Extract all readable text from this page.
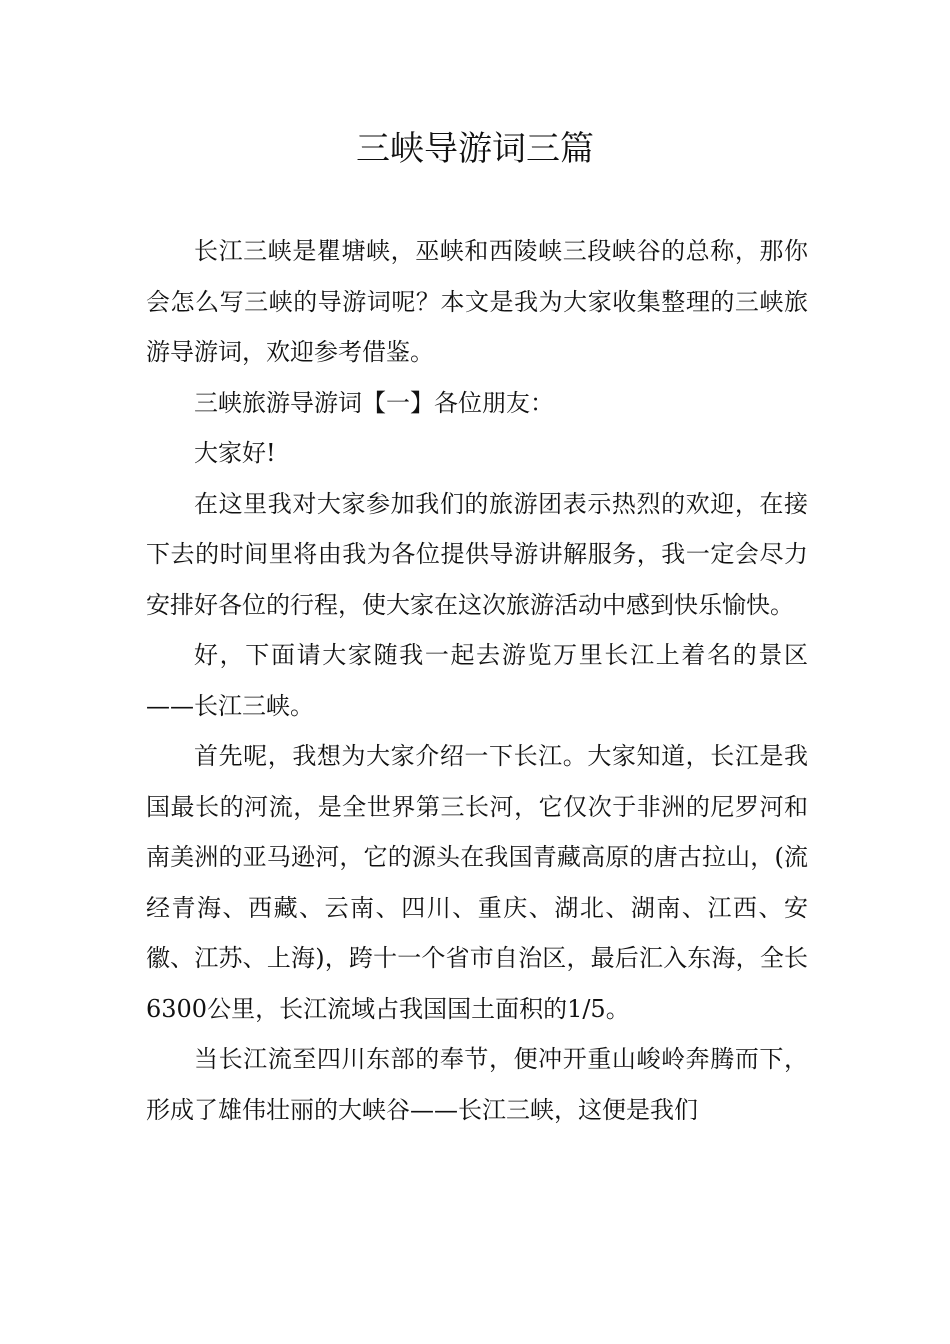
三峡导游词三篇

长江三峡是瞿塘峡，巫峡和西陵峡三段峡谷的总称，那你会怎么写三峡的导游词呢？本文是我为大家收集整理的三峡旅游导游词，欢迎参考借鉴。

三峡旅游导游词【一】各位朋友：

大家好!

在这里我对大家参加我们的旅游团表示热烈的欢迎，在接下去的时间里将由我为各位提供导游讲解服务，我一定会尽力安排好各位的行程，使大家在这次旅游活动中感到快乐愉快。

好，下面请大家随我一起去游览万里长江上着名的景区——长江三峡。

首先呢，我想为大家介绍一下长江。大家知道，长江是我国最长的河流，是全世界第三长河，它仅次于非洲的尼罗河和南美洲的亚马逊河，它的源头在我国青藏高原的唐古拉山，(流经青海、西藏、云南、四川、重庆、湖北、湖南、江西、安徽、江苏、上海)，跨十一个省市自治区，最后汇入东海，全长6300公里，长江流域占我国国土面积的1/5。

当长江流至四川东部的奉节，便冲开重山峻岭奔腾而下，形成了雄伟壮丽的大峡谷——长江三峡，这便是我们
